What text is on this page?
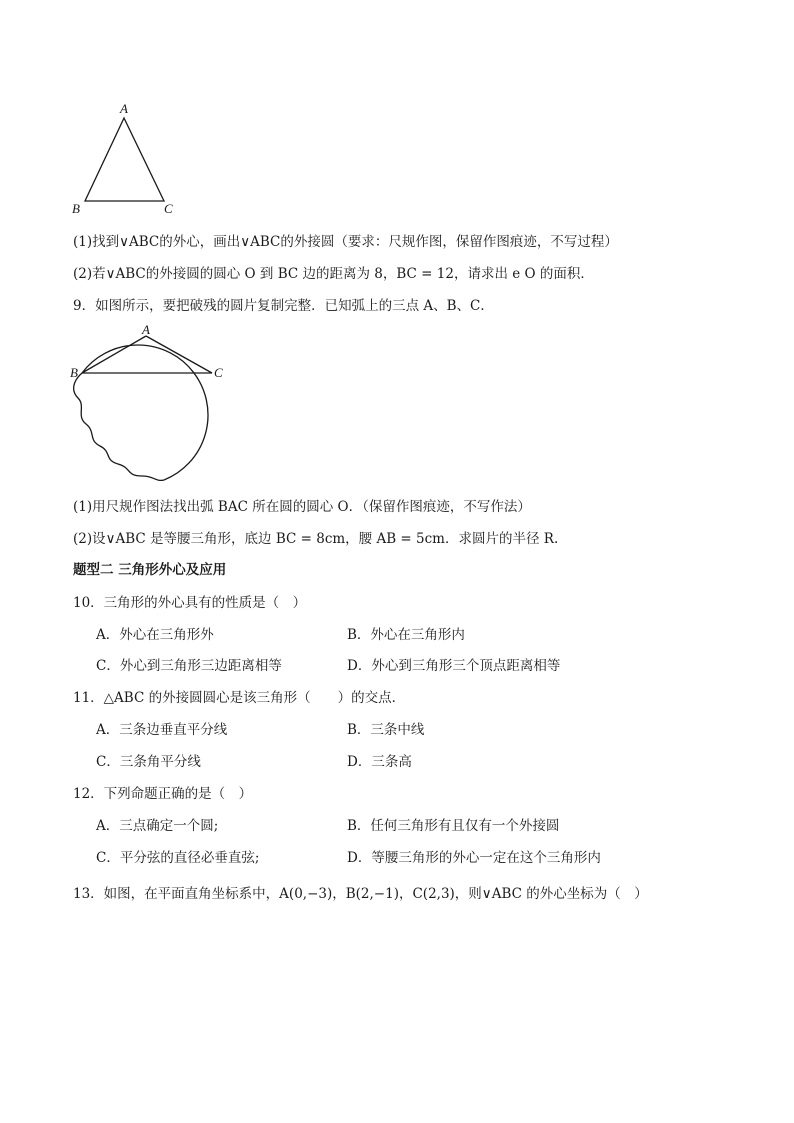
A
B	C
(1)找到∨ABC的外心，画出∨ABC的外接圆（要求：尺规作图，保留作图痕迹，不写过程）
(2)若∨ABC的外接圆的圆心 O 到 BC 边的距离为 8，BC = 12，请求出 e O 的面积．
9．如图所示，要把破残的圆片复制完整．已知弧上的三点 A、B、C．
A
B	C
(1)用尺规作图法找出弧 BAC 所在圆的圆心 O．（保留作图痕迹，不写作法）
(2)设∨ABC 是等腰三角形，底边 BC = 8cm，腰 AB = 5cm．求圆片的半径 R.
题型二 三角形外心及应用
10．三角形的外心具有的性质是（　）
A．外心在三角形外	B．外心在三角形内
C．外心到三角形三边距离相等	D．外心到三角形三个顶点距离相等
11．△ABC 的外接圆圆心是该三角形（　　）的交点．
A．三条边垂直平分线	B．三条中线
C．三条角平分线	D．三条高
12．下列命题正确的是（　）
A．三点确定一个圆;	B．任何三角形有且仅有一个外接圆
C．平分弦的直径必垂直弦;	D．等腰三角形的外心一定在这个三角形内
13．如图，在平面直角坐标系中，A(0,−3)，B(2,−1)，C(2,3)，则∨ABC 的外心坐标为（　）
